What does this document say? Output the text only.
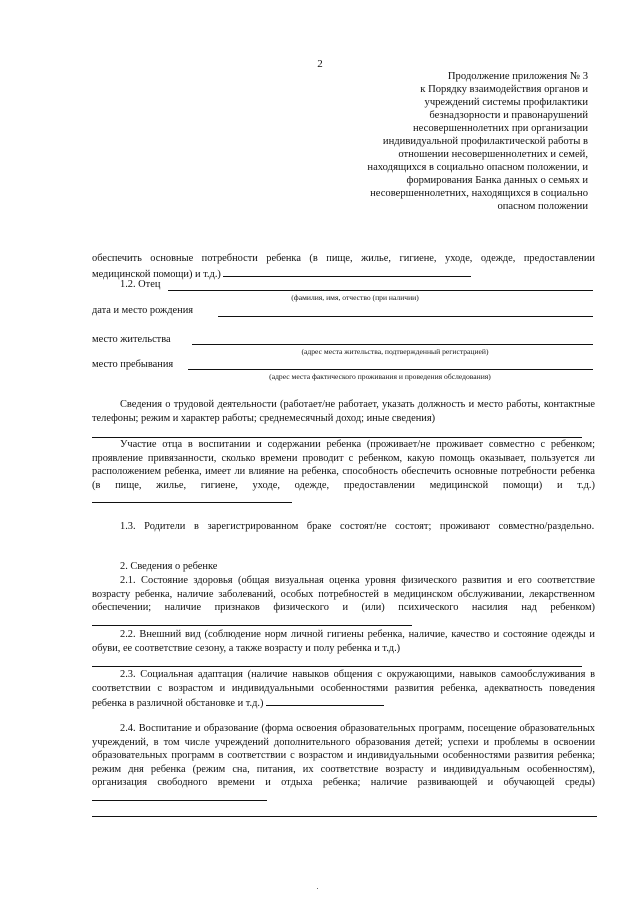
2
Продолжение приложения № 3
к Порядку взаимодействия органов и
учреждений системы профилактики
безнадзорности и правонарушений
несовершеннолетних при организации
индивидуальной профилактической работы в
отношении несовершеннолетних и семей,
находящихся в социально опасном положении, и
формирования Банка данных о семьях и
несовершеннолетних, находящихся в социально
опасном положении
обеспечить основные потребности ребенка (в пище, жилье, гигиене, уходе, одежде, предоставлении медицинской помощи) и т.д.)
1.2. Отец
(фамилия, имя, отчество (при наличии)
дата и место рождения
место жительства
(адрес места жительства, подтвержденный регистрацией)
место пребывания
(адрес места фактического проживания и проведения обследования)
Сведения о трудовой деятельности (работает/не работает, указать должность и место работы, контактные телефоны; режим и характер работы; среднемесячный доход; иные сведения)
Участие отца в воспитании и содержании ребенка (проживает/не проживает совместно с ребенком; проявление привязанности, сколько времени проводит с ребенком, какую помощь оказывает, пользуется ли расположением ребенка, имеет ли влияние на ребенка, способность обеспечить основные потребности ребенка (в пище, жилье, гигиене, уходе, одежде, предоставлении медицинской помощи) и т.д.)
1.3. Родители в зарегистрированном браке состоят/не состоят; проживают совместно/раздельно.
2. Сведения о ребенке
2.1. Состояние здоровья (общая визуальная оценка уровня физического развития и его соответствие возрасту ребенка, наличие заболеваний, особых потребностей в медицинском обслуживании, лекарственном обеспечении; наличие признаков физического и (или) психического насилия над ребенком)
2.2. Внешний вид (соблюдение норм личной гигиены ребенка, наличие, качество и состояние одежды и обуви, ее соответствие сезону, а также возрасту и полу ребенка и т.д.)
2.3. Социальная адаптация (наличие навыков общения с окружающими, навыков самообслуживания в соответствии с возрастом и индивидуальными особенностями развития ребенка, адекватность поведения ребенка в различной обстановке и т.д.)
2.4. Воспитание и образование (форма освоения образовательных программ, посещение образовательных учреждений, в том числе учреждений дополнительного образования детей; успехи и проблемы в освоении образовательных программ в соответствии с возрастом и индивидуальными особенностями развития ребенка; режим дня ребенка (режим сна, питания, их соответствие возрасту и индивидуальным особенностям), организация свободного времени и отдыха ребенка; наличие развивающей и обучающей среды)
